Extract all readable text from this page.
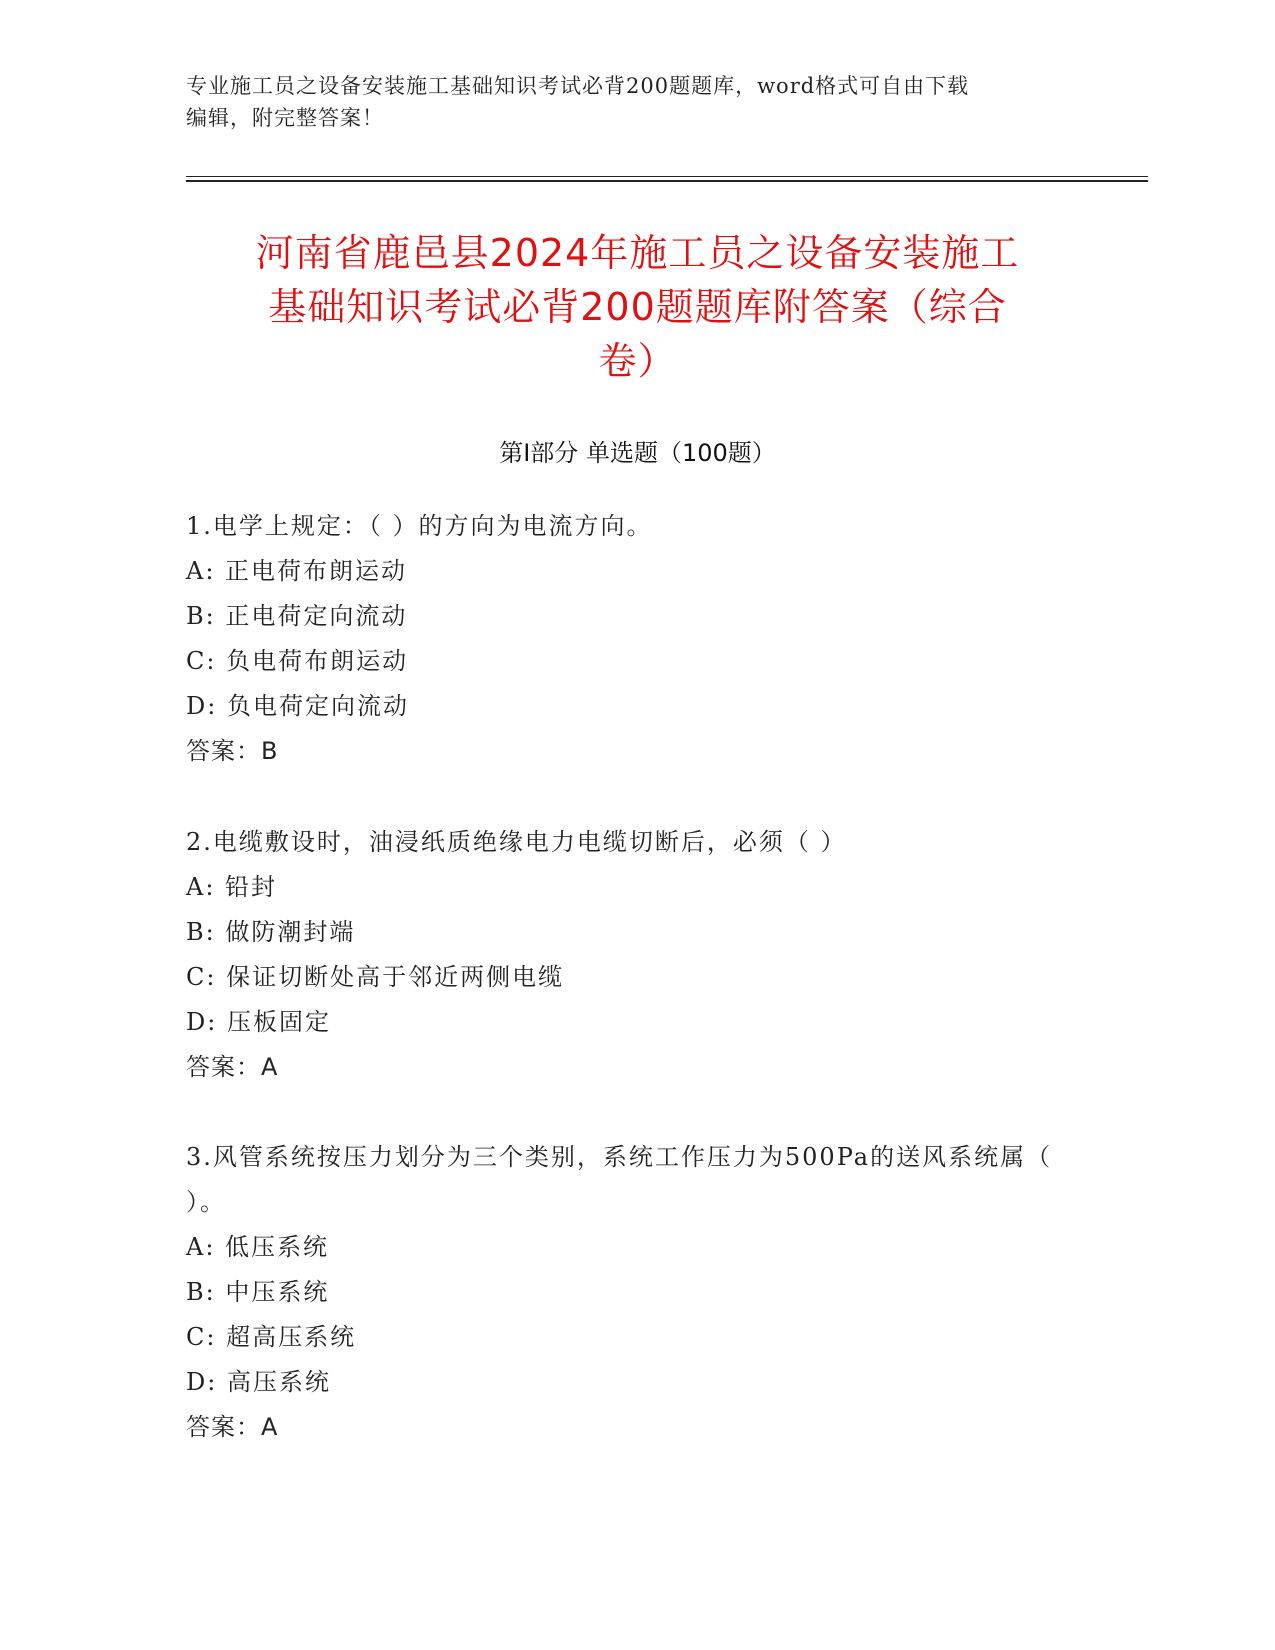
专业施工员之设备安装施工基础知识考试必背200题题库，word格式可自由下载
编辑，附完整答案！
河南省鹿邑县2024年施工员之设备安装施工
基础知识考试必背200题题库附答案（综合
卷）
第Ⅰ部分 单选题（100题）
1.电学上规定：（ ）的方向为电流方向。
A: 正电荷布朗运动
B: 正电荷定向流动
C: 负电荷布朗运动
D: 负电荷定向流动
答案：B
2.电缆敷设时，油浸纸质绝缘电力电缆切断后，必须（ ）
A: 铅封
B: 做防潮封端
C: 保证切断处高于邻近两侧电缆
D: 压板固定
答案：A
3.风管系统按压力划分为三个类别，系统工作压力为500Pa的送风系统属（ ）。
A: 低压系统
B: 中压系统
C: 超高压系统
D: 高压系统
答案：A
